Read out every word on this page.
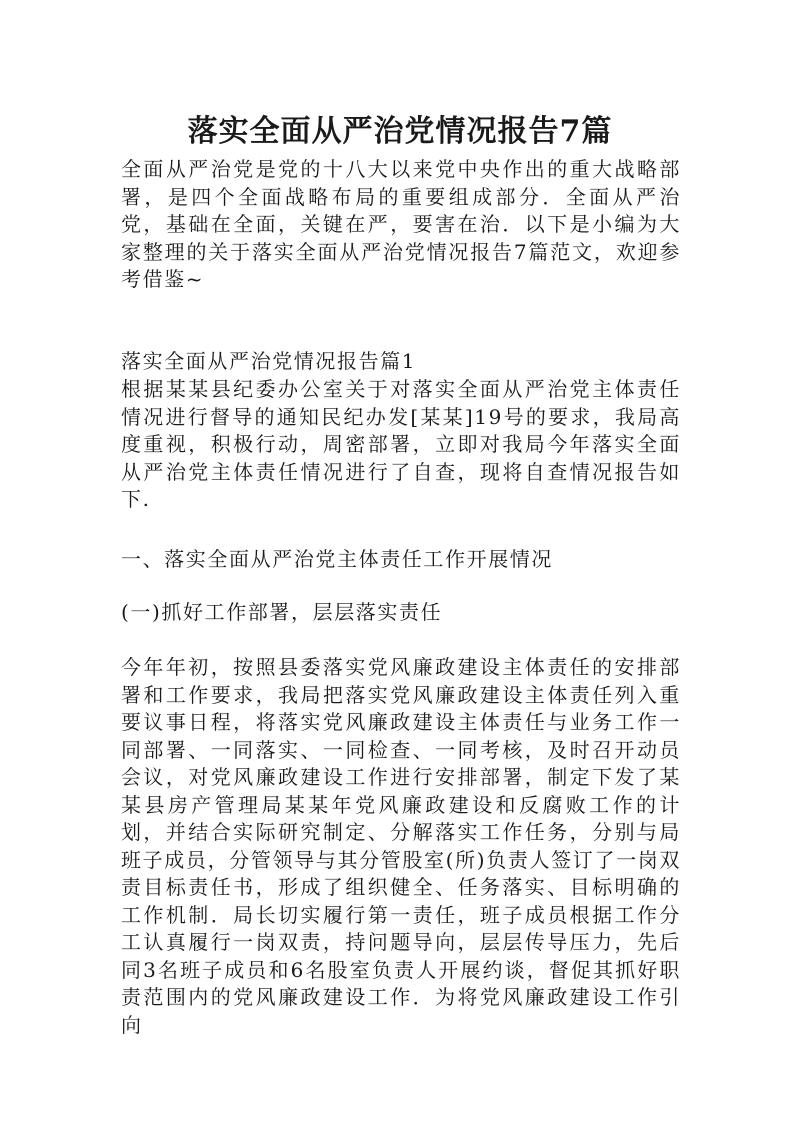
落实全面从严治党情况报告7篇
全面从严治党是党的十八大以来党中央作出的重大战略部署，是四个全面战略布局的重要组成部分．全面从严治党，基础在全面，关键在严，要害在治．以下是小编为大家整理的关于落实全面从严治党情况报告7篇范文，欢迎参考借鉴~
落实全面从严治党情况报告篇1
根据某某县纪委办公室关于对落实全面从严治党主体责任情况进行督导的通知民纪办发[某某]19号的要求，我局高度重视，积极行动，周密部署，立即对我局今年落实全面从严治党主体责任情况进行了自查，现将自查情况报告如下.
一、落实全面从严治党主体责任工作开展情况
(一)抓好工作部署，层层落实责任
今年年初，按照县委落实党风廉政建设主体责任的安排部署和工作要求，我局把落实党风廉政建设主体责任列入重要议事日程，将落实党风廉政建设主体责任与业务工作一同部署、一同落实、一同检查、一同考核，及时召开动员会议，对党风廉政建设工作进行安排部署，制定下发了某某县房产管理局某某年党风廉政建设和反腐败工作的计划，并结合实际研究制定、分解落实工作任务，分别与局班子成员，分管领导与其分管股室(所)负责人签订了一岗双责目标责任书，形成了组织健全、任务落实、目标明确的工作机制．局长切实履行第一责任，班子成员根据工作分工认真履行一岗双责，持问题导向，层层传导压力，先后同3名班子成员和6名股室负责人开展约谈，督促其抓好职责范围内的党风廉政建设工作．为将党风廉政建设工作引向
